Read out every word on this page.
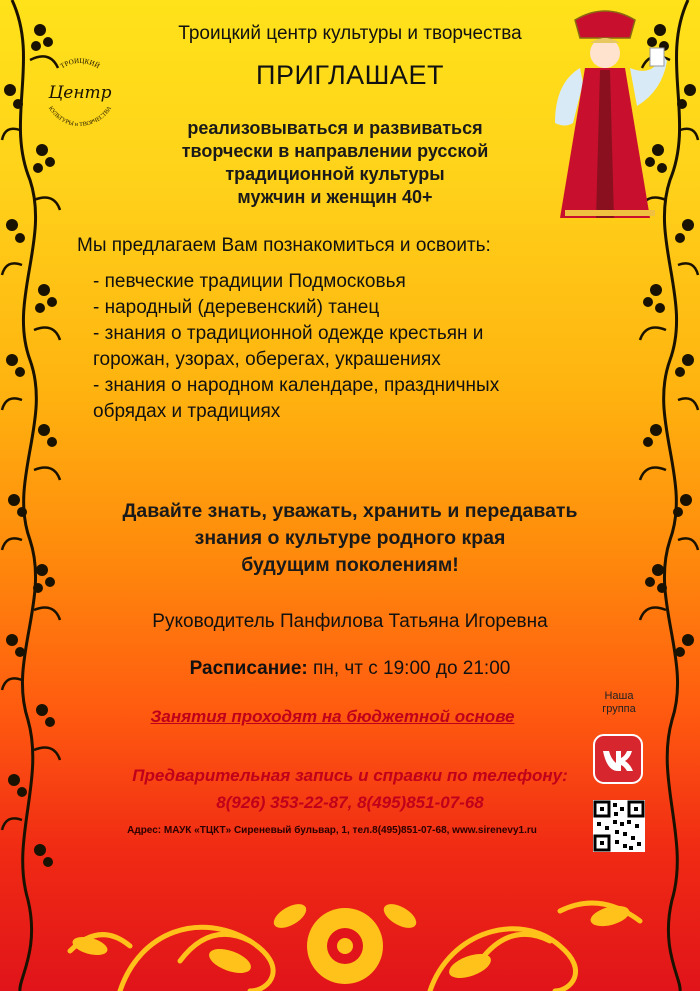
ТРОИЦКИЙ
КУЛЬТУРЫ и ТВОРЧЕСТВА
Центр
Троицкий центр культуры и творчества
ПРИГЛАШАЕТ
реализовываться и развиваться
творчески в направлении русской
традиционной культуры
мужчин и женщин 40+
Мы предлагаем Вам познакомиться и освоить:
- певческие традиции Подмосковья
- народный (деревенский) танец
- знания о традиционной одежде крестьян и
горожан, узорах, оберегах, украшениях
- знания о народном календаре, праздничных
обрядах и традициях
Давайте знать, уважать, хранить и передавать
знания о культуре родного края
будущим поколениям!
Руководитель Панфилова Татьяна Игоревна
Расписание: пн, чт с 19:00 до 21:00
Занятия проходят на бюджетной основе
Предварительная запись и справки по телефону:
8(926) 353-22-87, 8(495)851-07-68
Адрес: МАУК «ТЦКТ» Сиреневый бульвар, 1, тел.8(495)851-07-68, www.sirenevy1.ru
Наша
группа
